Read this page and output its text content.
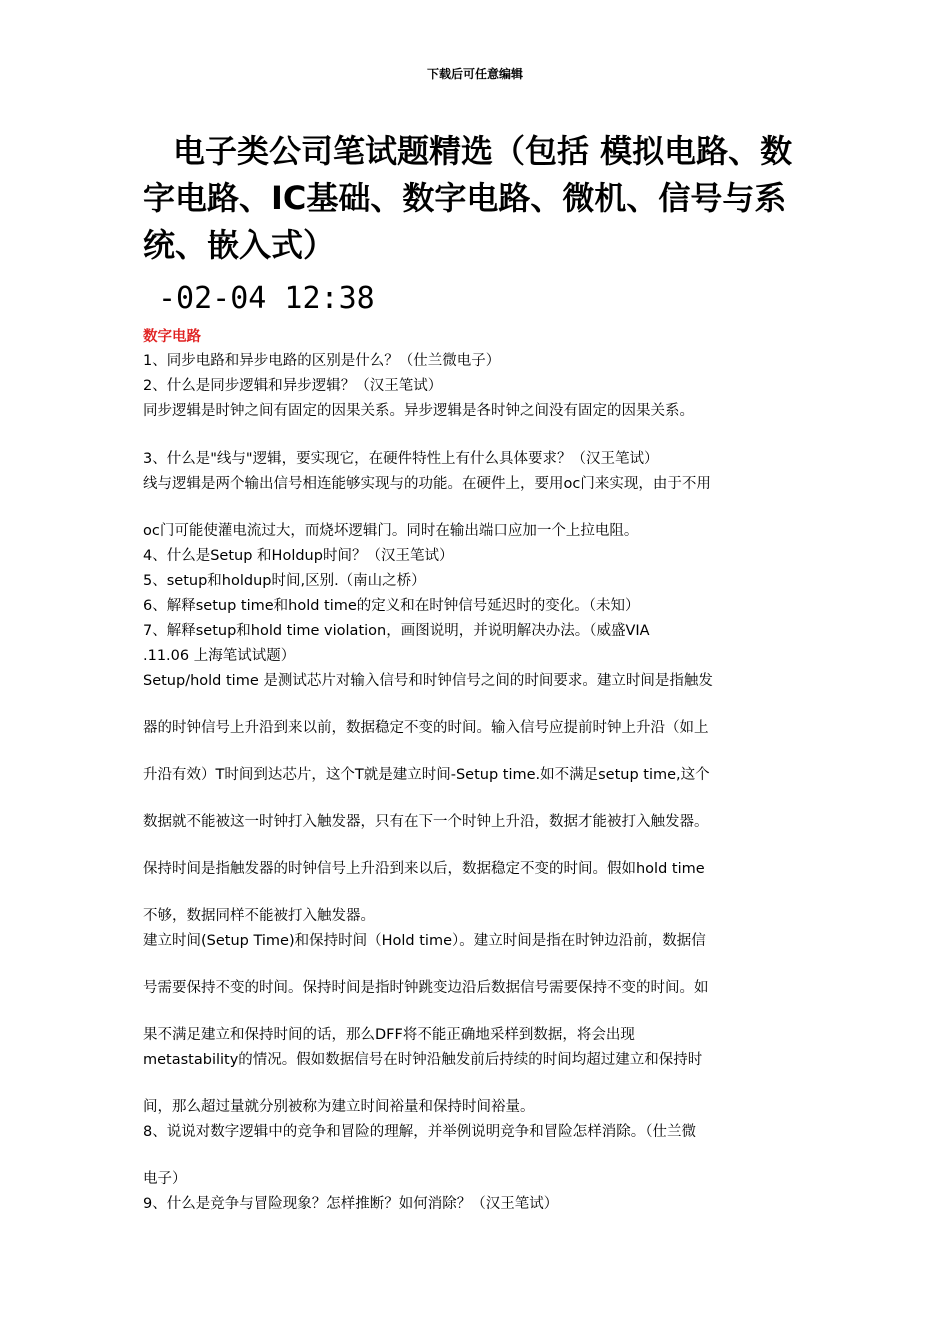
下载后可任意编辑
电子类公司笔试题精选（包括 模拟电路、数字电路、IC基础、数字电路、微机、信号与系统、嵌入式）
-02-04 12:38
数字电路
1、同步电路和异步电路的区别是什么？（仕兰微电子）
2、什么是同步逻辑和异步逻辑？（汉王笔试）
同步逻辑是时钟之间有固定的因果关系。异步逻辑是各时钟之间没有固定的因果关系。
3、什么是"线与"逻辑，要实现它，在硬件特性上有什么具体要求？（汉王笔试）
线与逻辑是两个输出信号相连能够实现与的功能。在硬件上，要用oc门来实现，由于不用
oc门可能使灌电流过大，而烧坏逻辑门。同时在输出端口应加一个上拉电阻。
4、什么是Setup 和Holdup时间？（汉王笔试）
5、setup和holdup时间,区别.（南山之桥）
6、解释setup time和hold time的定义和在时钟信号延迟时的变化。（未知）
7、解释setup和hold time violation，画图说明，并说明解决办法。（威盛VIA
.11.06 上海笔试试题）
Setup/hold time 是测试芯片对输入信号和时钟信号之间的时间要求。建立时间是指触发
器的时钟信号上升沿到来以前，数据稳定不变的时间。输入信号应提前时钟上升沿（如上
升沿有效）T时间到达芯片，这个T就是建立时间-Setup time.如不满足setup time,这个
数据就不能被这一时钟打入触发器，只有在下一个时钟上升沿，数据才能被打入触发器。
保持时间是指触发器的时钟信号上升沿到来以后，数据稳定不变的时间。假如hold time
不够，数据同样不能被打入触发器。
建立时间(Setup Time)和保持时间（Hold time）。建立时间是指在时钟边沿前，数据信
号需要保持不变的时间。保持时间是指时钟跳变边沿后数据信号需要保持不变的时间。如
果不满足建立和保持时间的话，那么DFF将不能正确地采样到数据，将会出现
metastability的情况。假如数据信号在时钟沿触发前后持续的时间均超过建立和保持时
间，那么超过量就分别被称为建立时间裕量和保持时间裕量。
8、说说对数字逻辑中的竞争和冒险的理解，并举例说明竞争和冒险怎样消除。（仕兰微
电子）
9、什么是竞争与冒险现象？怎样推断？如何消除？（汉王笔试）
